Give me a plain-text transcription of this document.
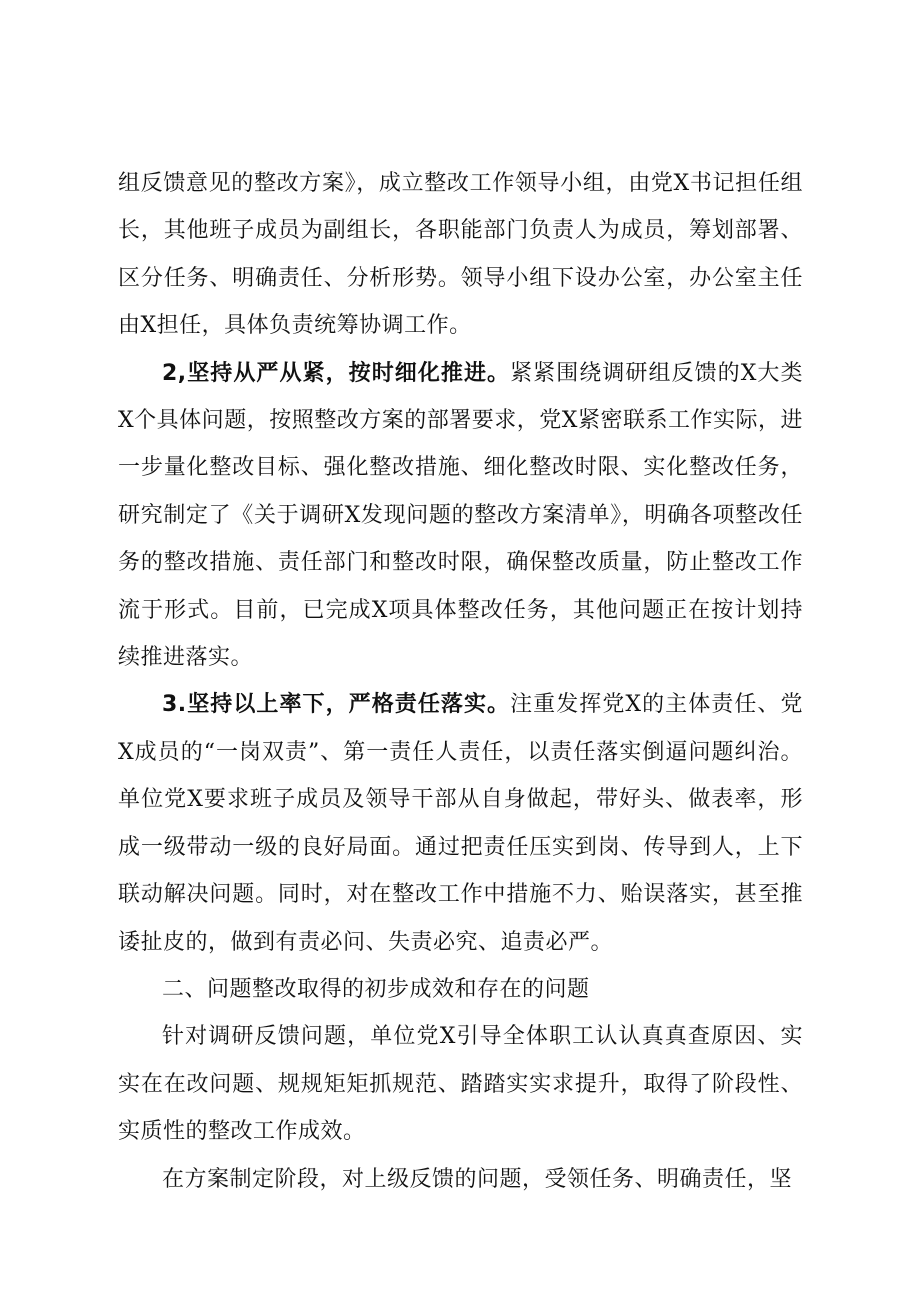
组反馈意见的整改方案》，成立整改工作领导小组，由党X书记担任组长，其他班子成员为副组长，各职能部门负责人为成员，筹划部署、区分任务、明确责任、分析形势。领导小组下设办公室，办公室主任由X担任，具体负责统筹协调工作。

2,坚持从严从紧，按时细化推进。紧紧围绕调研组反馈的X大类X个具体问题，按照整改方案的部署要求，党X紧密联系工作实际，进一步量化整改目标、强化整改措施、细化整改时限、实化整改任务，研究制定了《关于调研X发现问题的整改方案清单》，明确各项整改任务的整改措施、责任部门和整改时限，确保整改质量，防止整改工作流于形式。目前，已完成X项具体整改任务，其他问题正在按计划持续推进落实。

3.坚持以上率下，严格责任落实。注重发挥党X的主体责任、党X成员的“一岗双责”、第一责任人责任，以责任落实倒逼问题纠治。单位党X要求班子成员及领导干部从自身做起，带好头、做表率，形成一级带动一级的良好局面。通过把责任压实到岗、传导到人，上下联动解决问题。同时，对在整改工作中措施不力、贻误落实，甚至推诿扯皮的，做到有责必问、失责必究、追责必严。

二、问题整改取得的初步成效和存在的问题

针对调研反馈问题，单位党X引导全体职工认认真真查原因、实实在在改问题、规规矩矩抓规范、踏踏实实求提升，取得了阶段性、实质性的整改工作成效。

在方案制定阶段，对上级反馈的问题，受领任务、明确责任，坚
